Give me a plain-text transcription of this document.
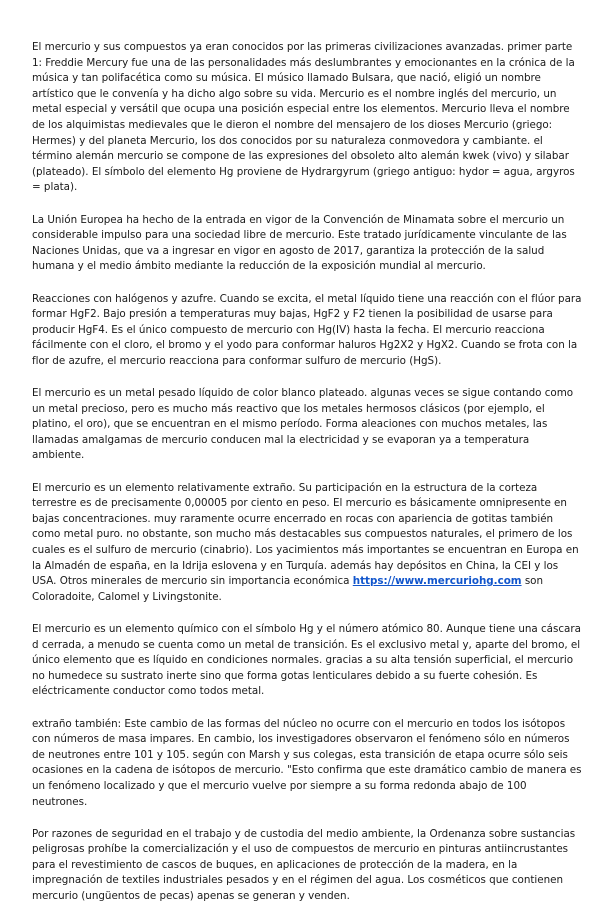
El mercurio y sus compuestos ya eran conocidos por las primeras civilizaciones avanzadas. primer parte 1: Freddie Mercury fue una de las personalidades más deslumbrantes y emocionantes en la crónica de la música y tan polifacética como su música. El músico llamado Bulsara, que nació, eligió un nombre artístico que le convenía y ha dicho algo sobre su vida. Mercurio es el nombre inglés del mercurio, un metal especial y versátil que ocupa una posición especial entre los elementos. Mercurio lleva el nombre de los alquimistas medievales que le dieron el nombre del mensajero de los dioses Mercurio (griego: Hermes) y del planeta Mercurio, los dos conocidos por su naturaleza conmovedora y cambiante. el término alemán mercurio se compone de las expresiones del obsoleto alto alemán kwek (vivo) y silabar (plateado). El símbolo del elemento Hg proviene de Hydrargyrum (griego antiguo: hydor = agua, argyros = plata).

La Unión Europea ha hecho de la entrada en vigor de la Convención de Minamata sobre el mercurio un considerable impulso para una sociedad libre de mercurio. Este tratado jurídicamente vinculante de las Naciones Unidas, que va a ingresar en vigor en agosto de 2017, garantiza la protección de la salud humana y el medio ámbito mediante la reducción de la exposición mundial al mercurio.

Reacciones con halógenos y azufre. Cuando se excita, el metal líquido tiene una reacción con el flúor para formar HgF2. Bajo presión a temperaturas muy bajas, HgF2 y F2 tienen la posibilidad de usarse para producir HgF4. Es el único compuesto de mercurio con Hg(IV) hasta la fecha. El mercurio reacciona fácilmente con el cloro, el bromo y el yodo para conformar haluros Hg2X2 y HgX2. Cuando se frota con la flor de azufre, el mercurio reacciona para conformar sulfuro de mercurio (HgS).

El mercurio es un metal pesado líquido de color blanco plateado. algunas veces se sigue contando como un metal precioso, pero es mucho más reactivo que los metales hermosos clásicos (por ejemplo, el platino, el oro), que se encuentran en el mismo período. Forma aleaciones con muchos metales, las llamadas amalgamas de mercurio conducen mal la electricidad y se evaporan ya a temperatura ambiente.

El mercurio es un elemento relativamente extraño. Su participación en la estructura de la corteza terrestre es de precisamente 0,00005 por ciento en peso. El mercurio es básicamente omnipresente en bajas concentraciones. muy raramente ocurre encerrado en rocas con apariencia de gotitas también como metal puro. no obstante, son mucho más destacables sus compuestos naturales, el primero de los cuales es el sulfuro de mercurio (cinabrio). Los yacimientos más importantes se encuentran en Europa en la Almadén de españa, en la Idrija eslovena y en Turquía. además hay depósitos en China, la CEI y los USA. Otros minerales de mercurio sin importancia económica https://www.mercuriohg.com son Coloradoite, Calomel y Livingstonite.

El mercurio es un elemento químico con el símbolo Hg y el número atómico 80. Aunque tiene una cáscara d cerrada, a menudo se cuenta como un metal de transición. Es el exclusivo metal y, aparte del bromo, el único elemento que es líquido en condiciones normales. gracias a su alta tensión superficial, el mercurio no humedece su sustrato inerte sino que forma gotas lenticulares debido a su fuerte cohesión. Es eléctricamente conductor como todos metal.

extraño también: Este cambio de las formas del núcleo no ocurre con el mercurio en todos los isótopos con números de masa impares. En cambio, los investigadores observaron el fenómeno sólo en números de neutrones entre 101 y 105. según con Marsh y sus colegas, esta transición de etapa ocurre sólo seis ocasiones en la cadena de isótopos de mercurio. "Esto confirma que este dramático cambio de manera es un fenómeno localizado y que el mercurio vuelve por siempre a su forma redonda abajo de 100 neutrones.

Por razones de seguridad en el trabajo y de custodia del medio ambiente, la Ordenanza sobre sustancias peligrosas prohíbe la comercialización y el uso de compuestos de mercurio en pinturas antiincrustantes para el revestimiento de cascos de buques, en aplicaciones de protección de la madera, en la impregnación de textiles industriales pesados y en el régimen del agua. Los cosméticos que contienen mercurio (ungüentos de pecas) apenas se generan y venden.
